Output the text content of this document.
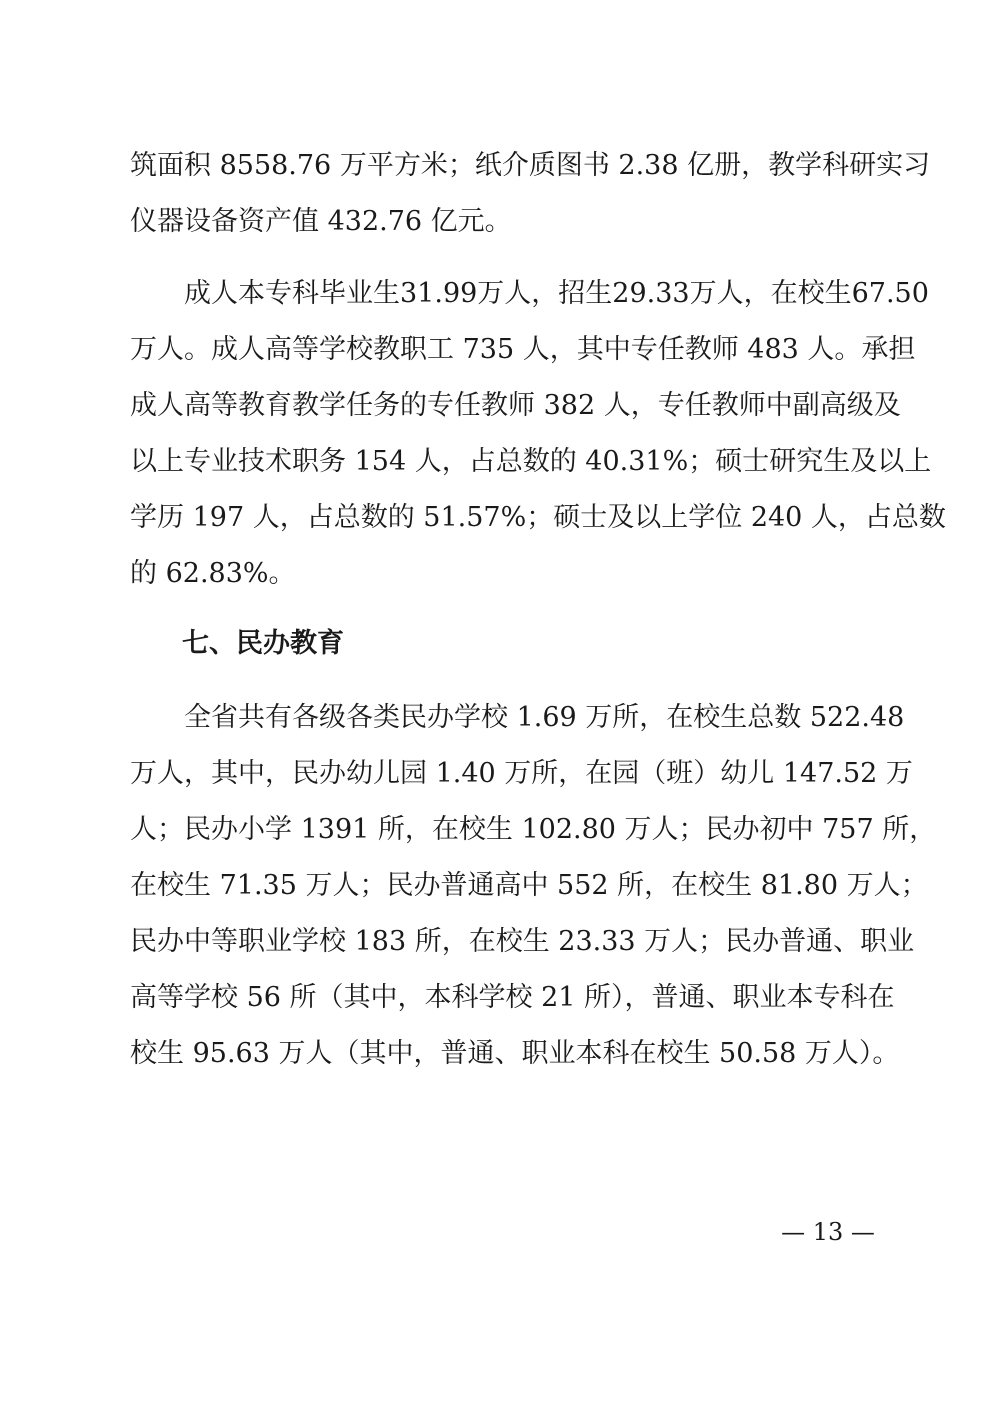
筑面积 8558.76 万平方米；纸介质图书 2.38 亿册，教学科研实习
仪器设备资产值 432.76 亿元。
成人本专科毕业生31.99万人，招生29.33万人，在校生67.50
万人。成人高等学校教职工 735 人，其中专任教师 483 人。承担
成人高等教育教学任务的专任教师 382 人，专任教师中副高级及
以上专业技术职务 154 人，占总数的 40.31%；硕士研究生及以上
学历 197 人，占总数的 51.57%；硕士及以上学位 240 人，占总数
的 62.83%。
七、民办教育
全省共有各级各类民办学校 1.69 万所，在校生总数 522.48
万人，其中，民办幼儿园 1.40 万所，在园（班）幼儿 147.52 万
人；民办小学 1391 所，在校生 102.80 万人；民办初中 757 所，
在校生 71.35 万人；民办普通高中 552 所，在校生 81.80 万人；
民办中等职业学校 183 所，在校生 23.33 万人；民办普通、职业
高等学校 56 所（其中，本科学校 21 所），普通、职业本专科在
校生 95.63 万人（其中，普通、职业本科在校生 50.58 万人）。
— 13 —
